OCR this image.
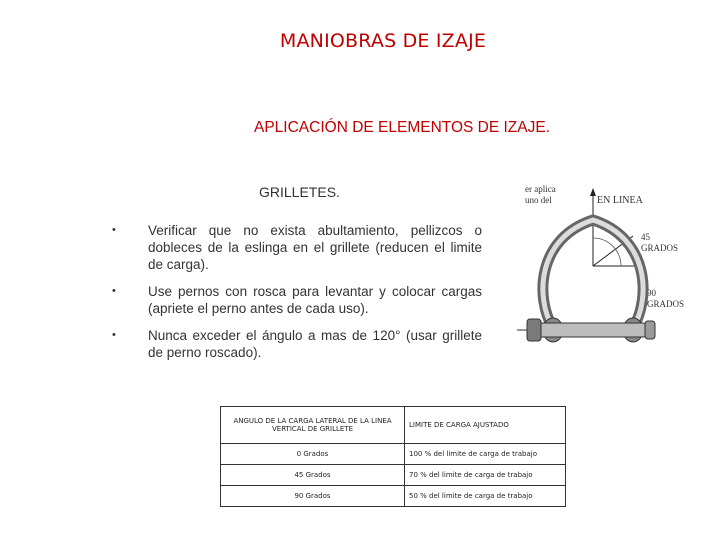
MANIOBRAS DE IZAJE
APLICACIÓN DE ELEMENTOS DE IZAJE.
GRILLETES.
• Verificar que no exista abultamiento, pellizcos o dobleces de la eslinga en el grillete (reducen el limite de carga).
• Use pernos con rosca para levantar y colocar cargas (apriete el perno antes de cada uso).
• Nunca exceder el ángulo a mas de 120° (usar grillete de perno roscado).
er aplica
uno del	EN LINEA
45
GRADOS
90
GRADOS
ANGULO DE LA CARGA LATERAL DE LA LINEA VERTICAL DE GRILLETE	LIMITE DE CARGA AJUSTADO
0 Grados	100 % del limite de carga de trabajo
45 Grados	70 % del limite de carga de trabajo
90 Grados	50 % del limite de carga de trabajo
